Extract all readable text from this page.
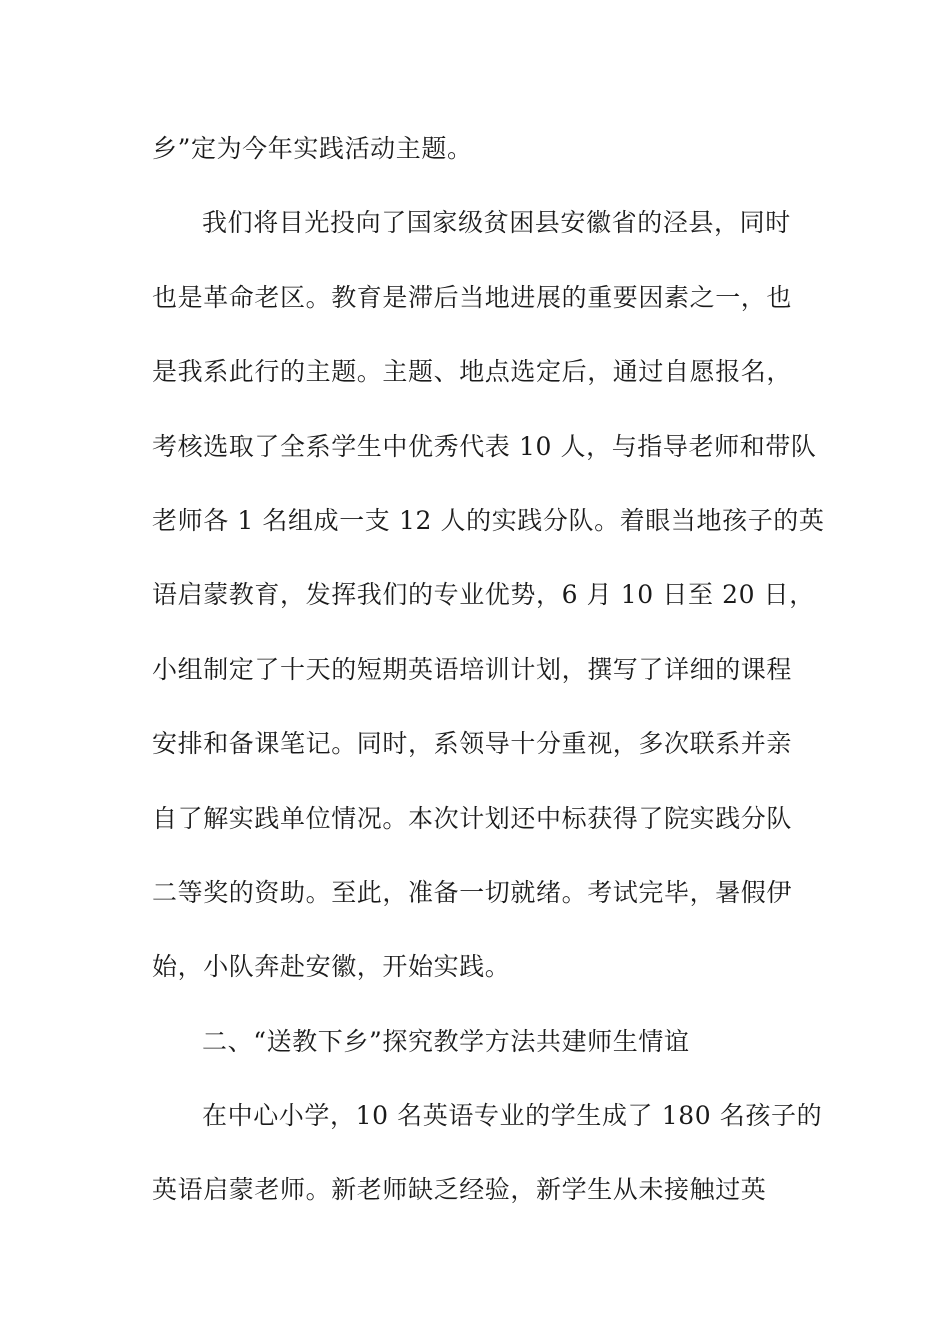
乡”定为今年实践活动主题。
我们将目光投向了国家级贫困县安徽省的泾县，同时
也是革命老区。教育是滞后当地进展的重要因素之一，也
是我系此行的主题。主题、地点选定后，通过自愿报名，
考核选取了全系学生中优秀代表 10 人，与指导老师和带队
老师各 1 名组成一支 12 人的实践分队。着眼当地孩子的英
语启蒙教育，发挥我们的专业优势，6 月 10 日至 20 日，
小组制定了十天的短期英语培训计划，撰写了详细的课程
安排和备课笔记。同时，系领导十分重视，多次联系并亲
自了解实践单位情况。本次计划还中标获得了院实践分队
二等奖的资助。至此，准备一切就绪。考试完毕，暑假伊
始，小队奔赴安徽，开始实践。
二、“送教下乡”探究教学方法共建师生情谊
在中心小学，10 名英语专业的学生成了 180 名孩子的
英语启蒙老师。新老师缺乏经验，新学生从未接触过英
